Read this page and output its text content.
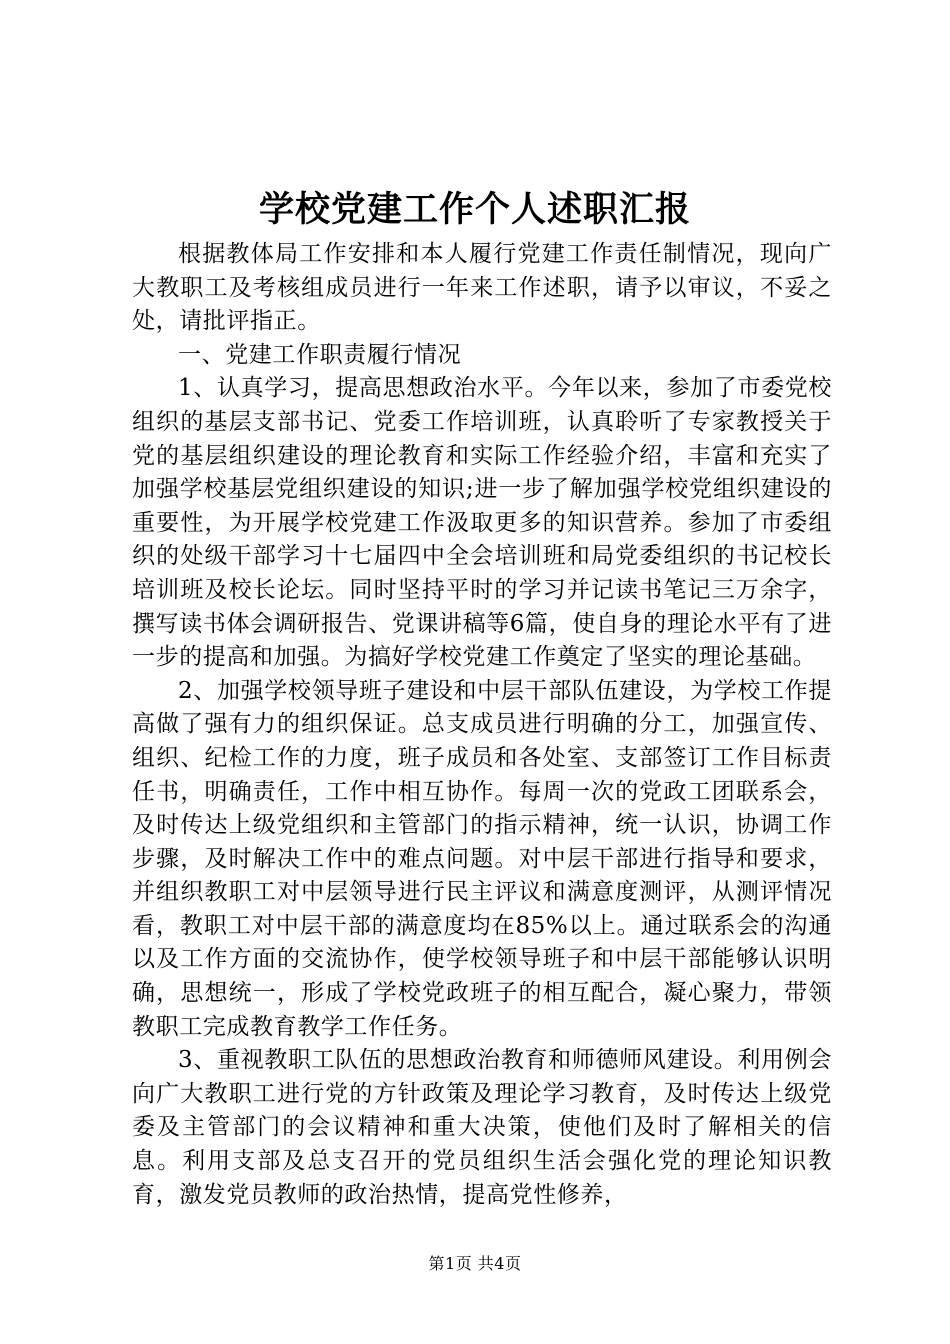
学校党建工作个人述职汇报

根据教体局工作安排和本人履行党建工作责任制情况，现向广大教职工及考核组成员进行一年来工作述职，请予以审议，不妥之处，请批评指正。

一、党建工作职责履行情况

1、认真学习，提高思想政治水平。今年以来，参加了市委党校组织的基层支部书记、党委工作培训班，认真聆听了专家教授关于党的基层组织建设的理论教育和实际工作经验介绍，丰富和充实了加强学校基层党组织建设的知识;进一步了解加强学校党组织建设的重要性，为开展学校党建工作汲取更多的知识营养。参加了市委组织的处级干部学习十七届四中全会培训班和局党委组织的书记校长培训班及校长论坛。同时坚持平时的学习并记读书笔记三万余字，撰写读书体会调研报告、党课讲稿等6篇，使自身的理论水平有了进一步的提高和加强。为搞好学校党建工作奠定了坚实的理论基础。

2、加强学校领导班子建设和中层干部队伍建设，为学校工作提高做了强有力的组织保证。总支成员进行明确的分工，加强宣传、组织、纪检工作的力度，班子成员和各处室、支部签订工作目标责任书，明确责任，工作中相互协作。每周一次的党政工团联系会，及时传达上级党组织和主管部门的指示精神，统一认识，协调工作步骤，及时解决工作中的难点问题。对中层干部进行指导和要求，并组织教职工对中层领导进行民主评议和满意度测评，从测评情况看，教职工对中层干部的满意度均在85%以上。通过联系会的沟通以及工作方面的交流协作，使学校领导班子和中层干部能够认识明确，思想统一，形成了学校党政班子的相互配合，凝心聚力，带领教职工完成教育教学工作任务。

3、重视教职工队伍的思想政治教育和师德师风建设。利用例会向广大教职工进行党的方针政策及理论学习教育，及时传达上级党委及主管部门的会议精神和重大决策，使他们及时了解相关的信息。利用支部及总支召开的党员组织生活会强化党的理论知识教育，激发党员教师的政治热情，提高党性修养，

第1页 共4页
